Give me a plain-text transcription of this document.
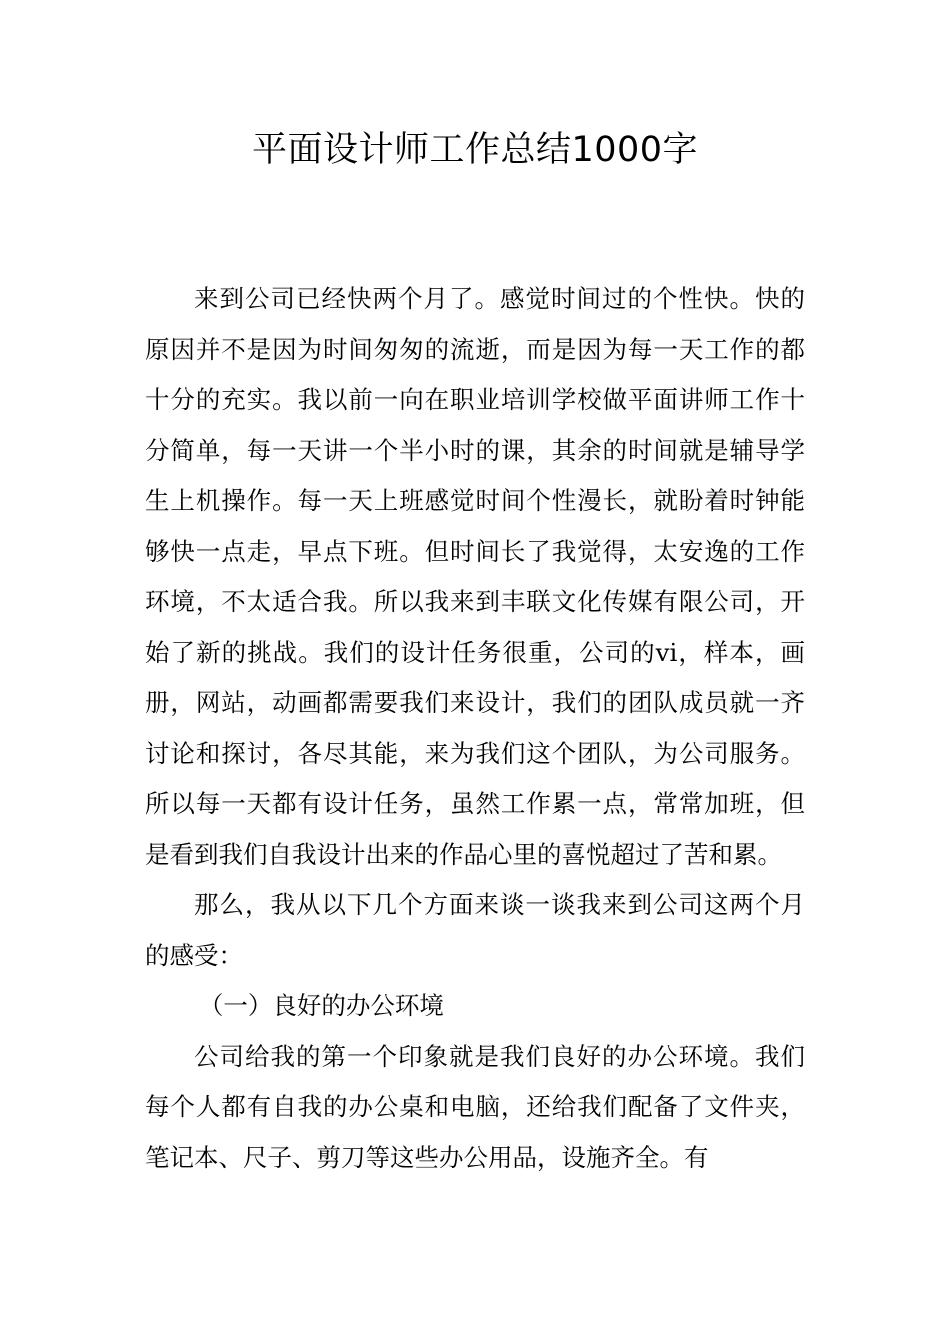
平面设计师工作总结1000字

来到公司已经快两个月了。感觉时间过的个性快。快的原因并不是因为时间匆匆的流逝，而是因为每一天工作的都十分的充实。我以前一向在职业培训学校做平面讲师工作十分简单，每一天讲一个半小时的课，其余的时间就是辅导学生上机操作。每一天上班感觉时间个性漫长，就盼着时钟能够快一点走，早点下班。但时间长了我觉得，太安逸的工作环境，不太适合我。所以我来到丰联文化传媒有限公司，开始了新的挑战。我们的设计任务很重，公司的vi，样本，画册，网站，动画都需要我们来设计，我们的团队成员就一齐讨论和探讨，各尽其能，来为我们这个团队，为公司服务。所以每一天都有设计任务，虽然工作累一点，常常加班，但是看到我们自我设计出来的作品心里的喜悦超过了苦和累。

那么，我从以下几个方面来谈一谈我来到公司这两个月的感受：

（一）良好的办公环境

公司给我的第一个印象就是我们良好的办公环境。我们每个人都有自我的办公桌和电脑，还给我们配备了文件夹，笔记本、尺子、剪刀等这些办公用品，设施齐全。有
